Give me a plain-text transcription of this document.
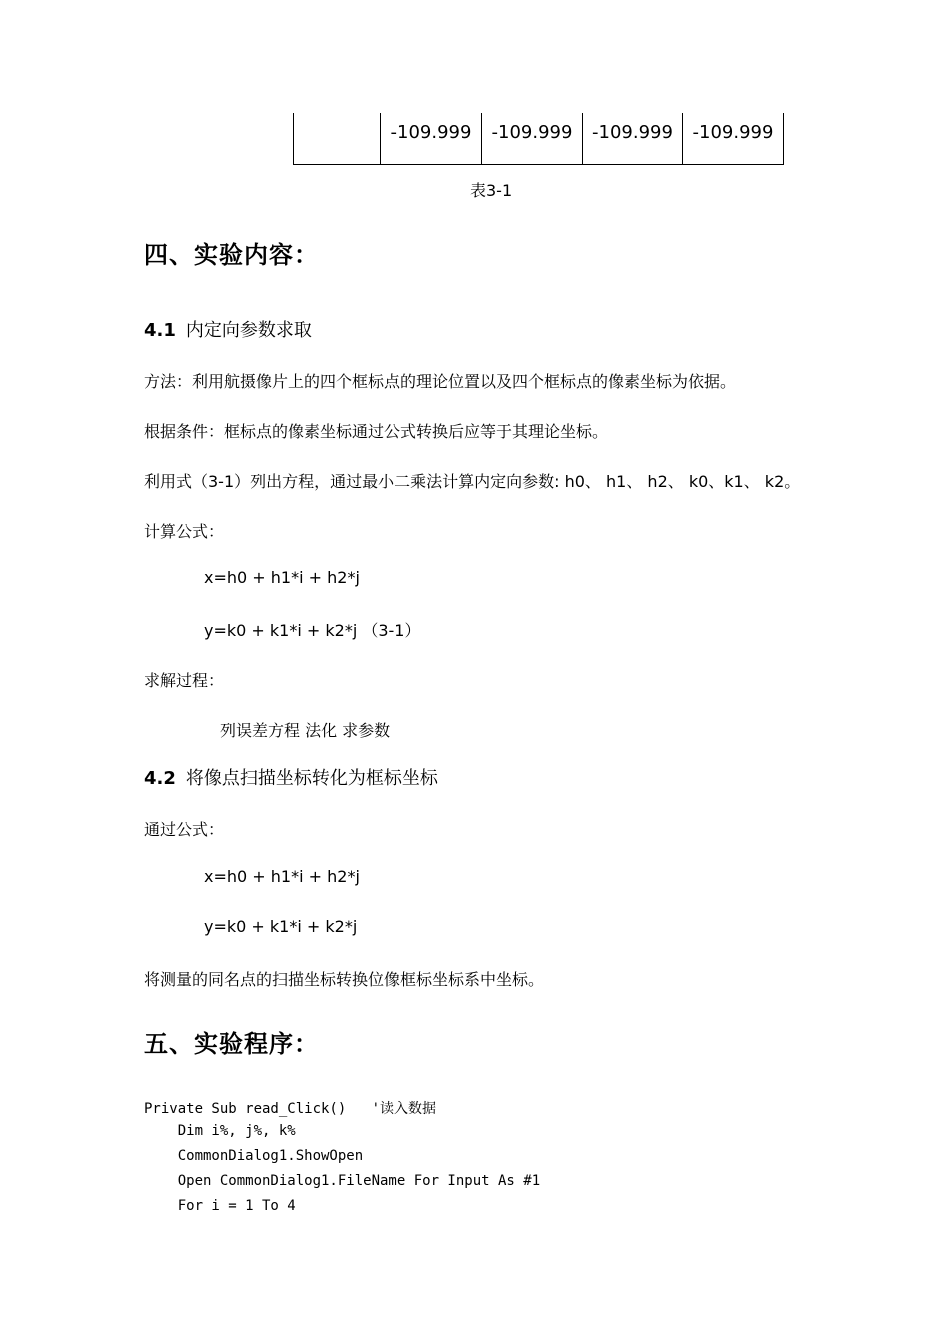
	-109.999	-109.999	-109.999	-109.999
表3-1
四、实验内容：
4.1 内定向参数求取
方法：利用航摄像片上的四个框标点的理论位置以及四个框标点的像素坐标为依据。
根据条件：框标点的像素坐标通过公式转换后应等于其理论坐标。
利用式（3-1）列出方程，通过最小二乘法计算内定向参数: h0、 h1、 h2、 k0、k1、 k2。
计算公式：
x=h0 + h1*i + h2*j
y=k0 + k1*i + k2*j （3-1）
求解过程：
列误差方程 法化 求参数
4.2 将像点扫描坐标转化为框标坐标
通过公式：
x=h0 + h1*i + h2*j
y=k0 + k1*i + k2*j
将测量的同名点的扫描坐标转换位像框标坐标系中坐标。
五、实验程序：
Private Sub read_Click()   '读入数据
Dim i%, j%, k%
CommonDialog1.ShowOpen
Open CommonDialog1.FileName For Input As #1
For i = 1 To 4
